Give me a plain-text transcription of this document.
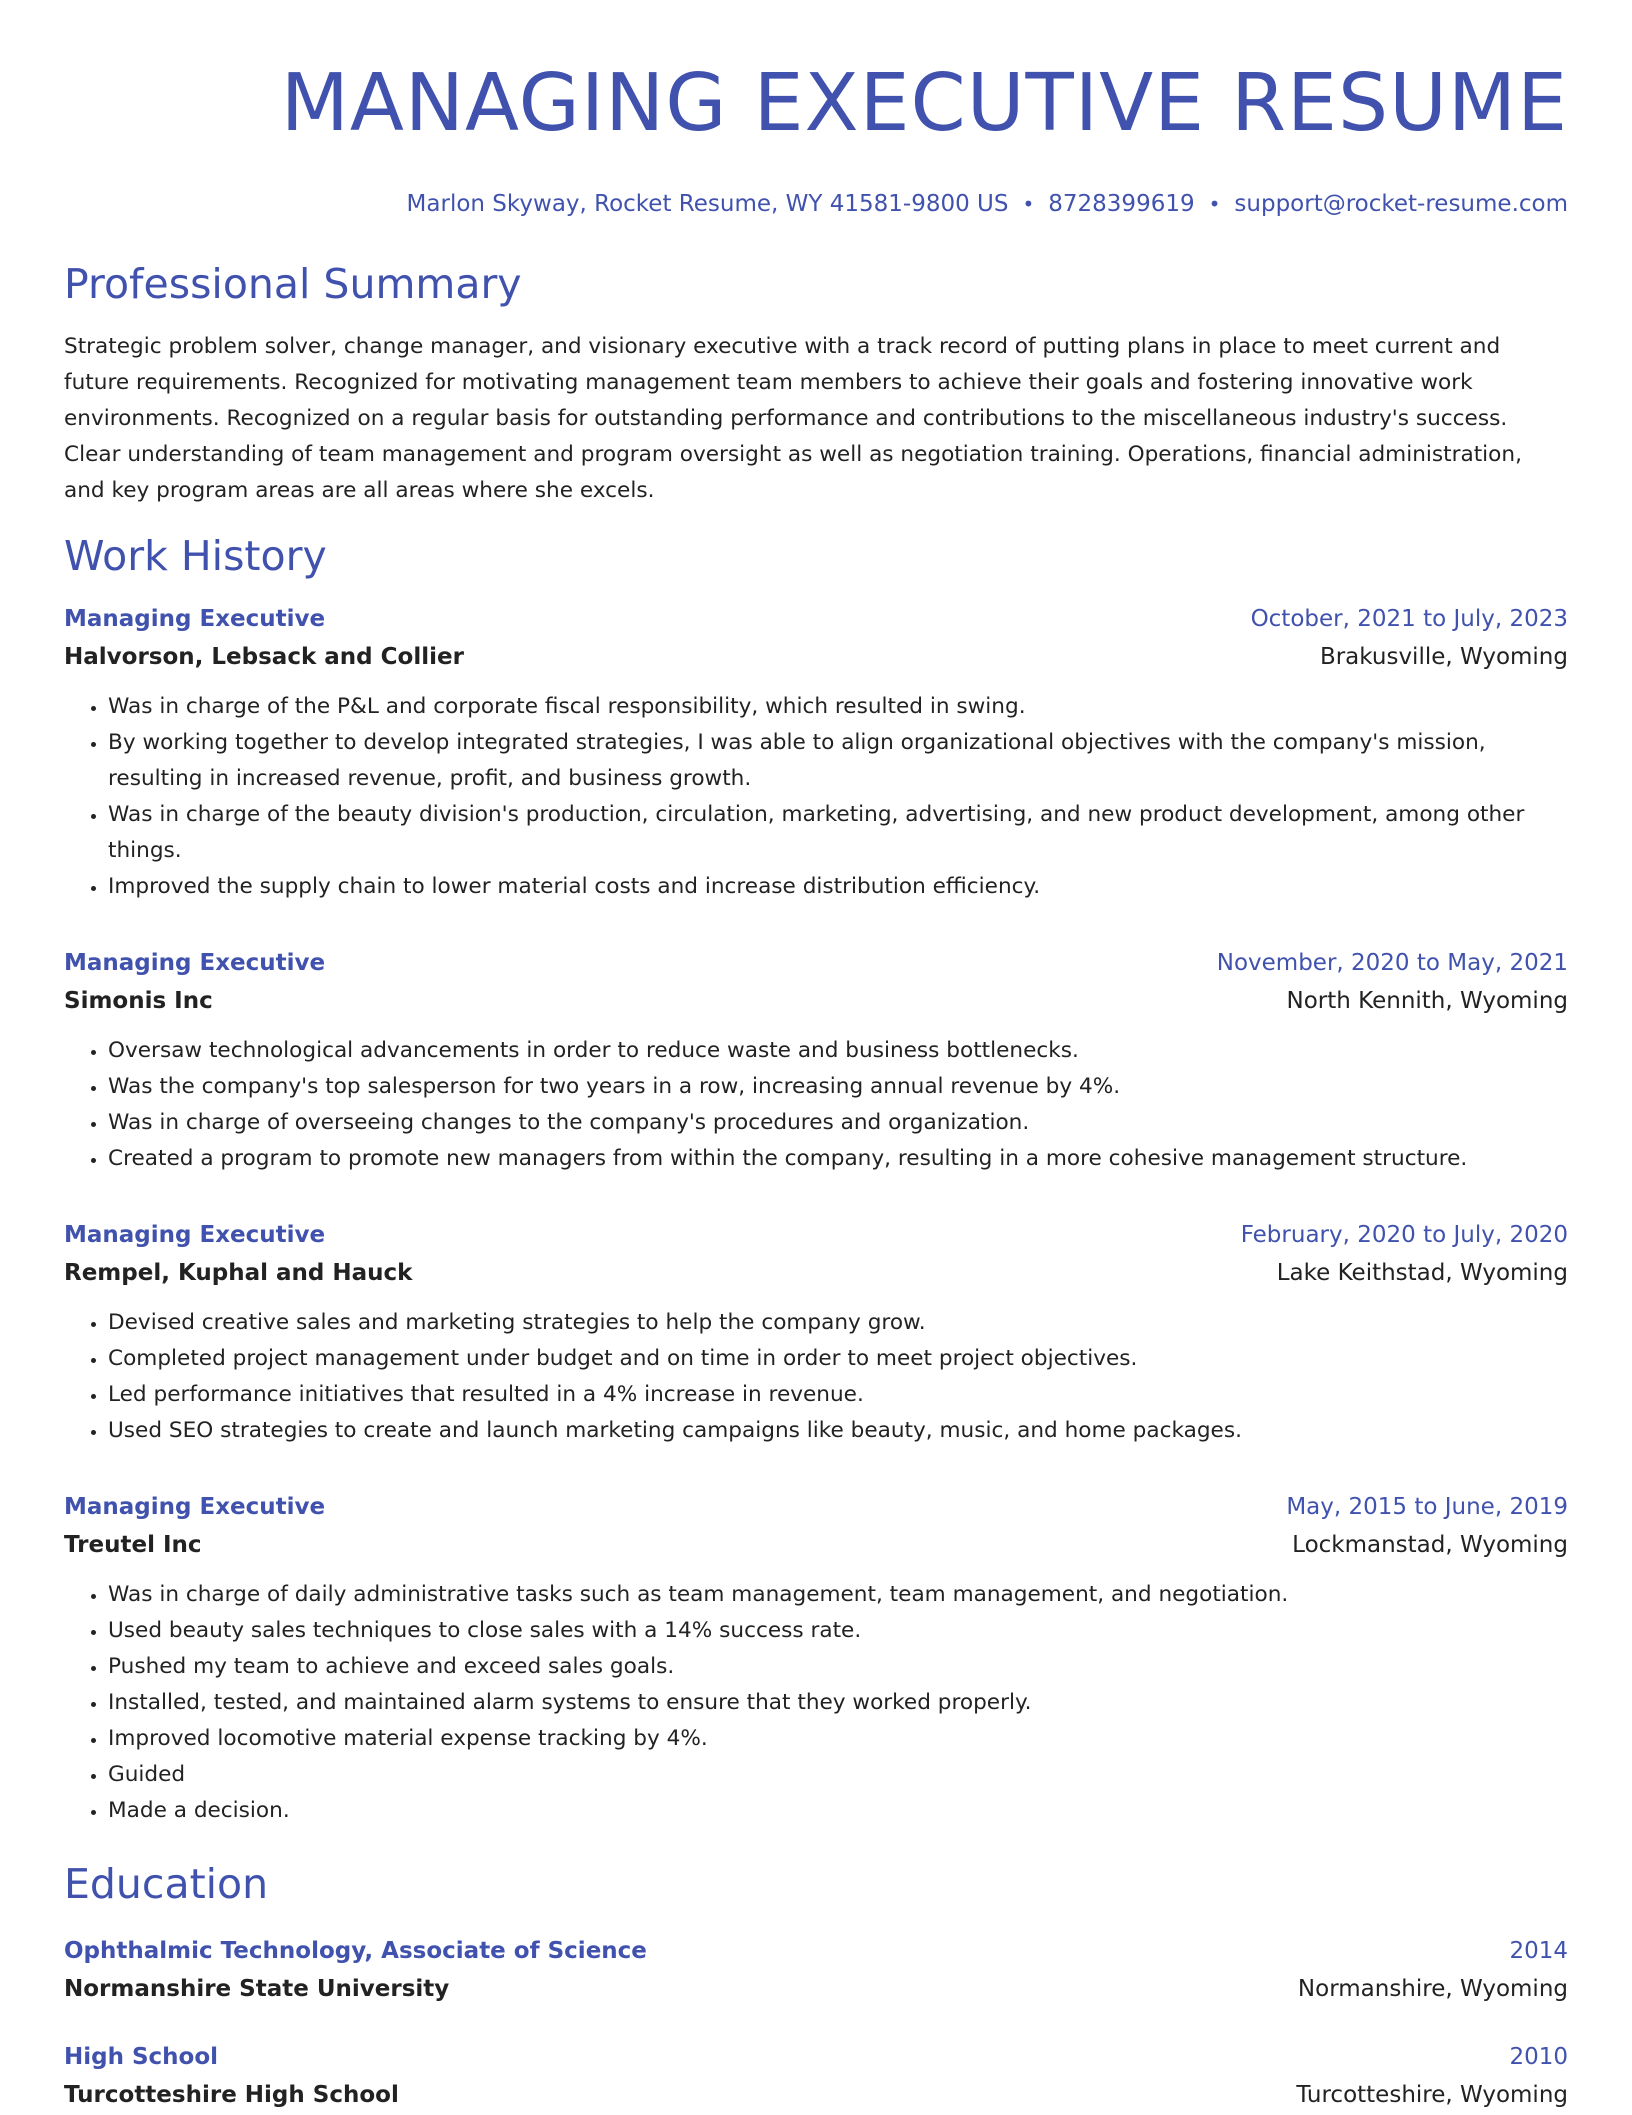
MANAGING EXECUTIVE RESUME
Marlon Skyway, Rocket Resume, WY 41581-9800 US • 8728399619 • support@rocket-resume.com
Professional Summary

Strategic problem solver, change manager, and visionary executive with a track record of putting plans in place to meet current and future requirements. Recognized for motivating management team members to achieve their goals and fostering innovative work environments. Recognized on a regular basis for outstanding performance and contributions to the miscellaneous industry's success. Clear understanding of team management and program oversight as well as negotiation training. Operations, financial administration, and key program areas are all areas where she excels.

Work History
Managing Executive	October, 2021 to July, 2023
Halvorson, Lebsack and Collier	Brakusville, Wyoming
• Was in charge of the P&L and corporate fiscal responsibility, which resulted in swing.
• By working together to develop integrated strategies, I was able to align organizational objectives with the company's mission, resulting in increased revenue, profit, and business growth.
• Was in charge of the beauty division's production, circulation, marketing, advertising, and new product development, among other things.
• Improved the supply chain to lower material costs and increase distribution efficiency.
Managing Executive	November, 2020 to May, 2021
Simonis Inc	North Kennith, Wyoming
• Oversaw technological advancements in order to reduce waste and business bottlenecks.
• Was the company's top salesperson for two years in a row, increasing annual revenue by 4%.
• Was in charge of overseeing changes to the company's procedures and organization.
• Created a program to promote new managers from within the company, resulting in a more cohesive management structure.
Managing Executive	February, 2020 to July, 2020
Rempel, Kuphal and Hauck	Lake Keithstad, Wyoming
• Devised creative sales and marketing strategies to help the company grow.
• Completed project management under budget and on time in order to meet project objectives.
• Led performance initiatives that resulted in a 4% increase in revenue.
• Used SEO strategies to create and launch marketing campaigns like beauty, music, and home packages.
Managing Executive	May, 2015 to June, 2019
Treutel Inc	Lockmanstad, Wyoming
• Was in charge of daily administrative tasks such as team management, team management, and negotiation.
• Used beauty sales techniques to close sales with a 14% success rate.
• Pushed my team to achieve and exceed sales goals.
• Installed, tested, and maintained alarm systems to ensure that they worked properly.
• Improved locomotive material expense tracking by 4%.
• Guided
• Made a decision.
Education
Ophthalmic Technology, Associate of Science	2014
Normanshire State University	Normanshire, Wyoming
High School	2010
Turcotteshire High School	Turcotteshire, Wyoming
